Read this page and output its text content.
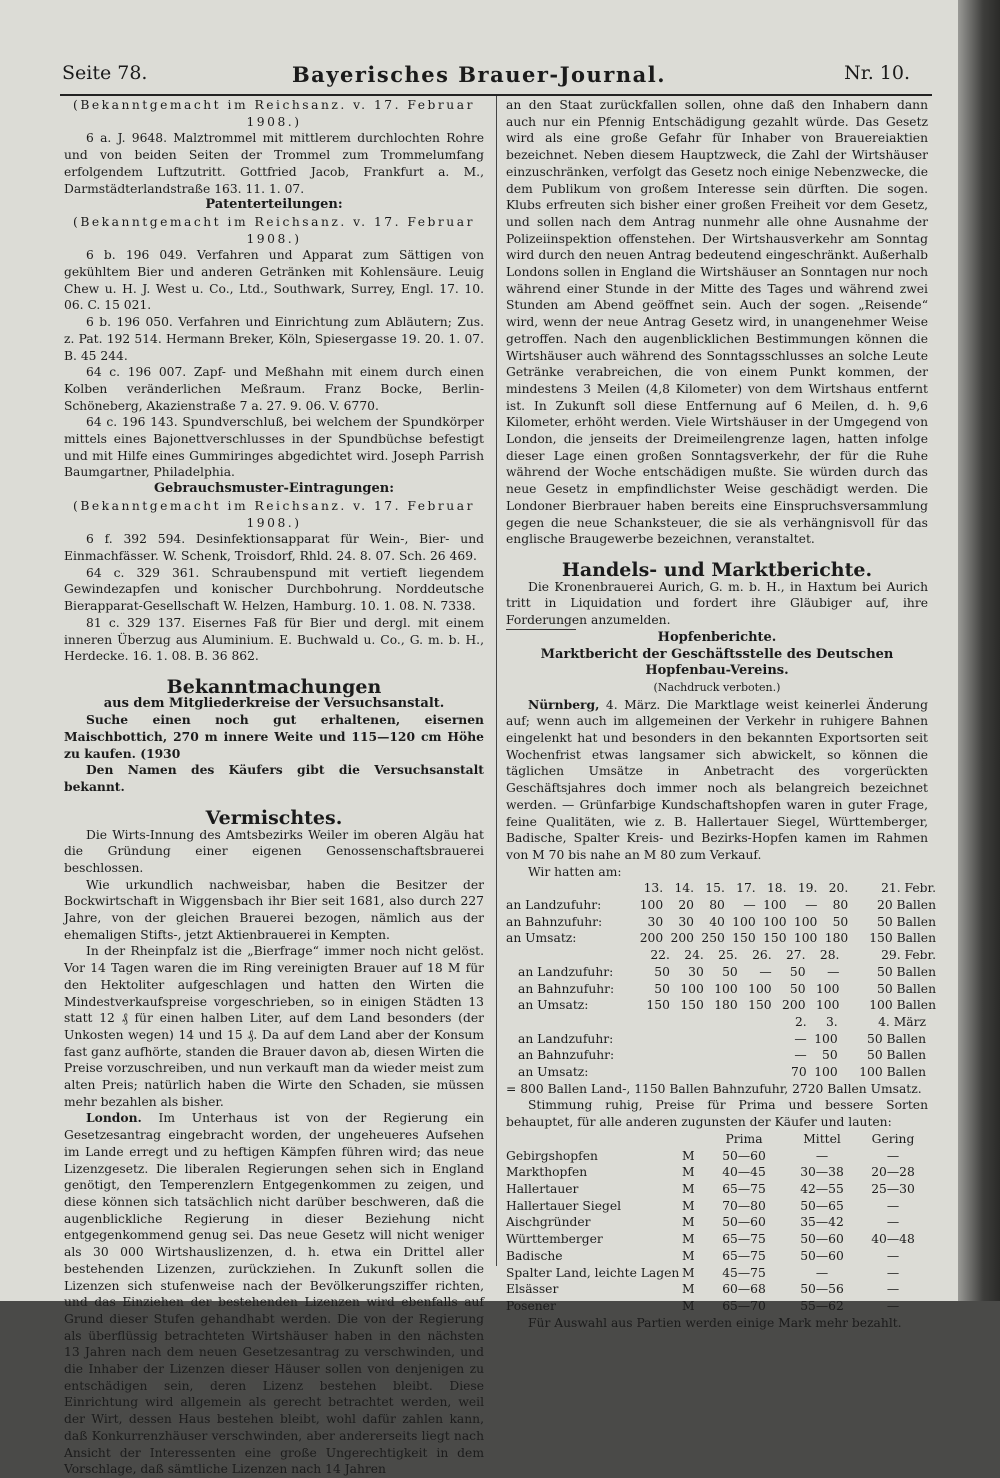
Seite 78.	Bayerisches Brauer-Journal.	Nr. 10.

(Bekanntgemacht im Reichsanz. v. 17. Februar 1908.)

6 a. J. 9648. Malztrommel mit mittlerem durchlochten Rohre und von beiden Seiten der Trommel zum Trommelumfang erfolgendem Luftzutritt. Gottfried Jacob, Frankfurt a. M., Darmstädterlandstraße 163. 11. 1. 07.

Patenterteilungen:

(Bekanntgemacht im Reichsanz. v. 17. Februar 1908.)

6 b. 196 049. Verfahren und Apparat zum Sättigen von gekühltem Bier und anderen Getränken mit Kohlensäure. Leuig Chew u. H. J. West u. Co., Ltd., Southwark, Surrey, Engl. 17. 10. 06. C. 15 021.

6 b. 196 050. Verfahren und Einrichtung zum Abläutern; Zus. z. Pat. 192 514. Hermann Breker, Köln, Spiesergasse 19. 20. 1. 07. B. 45 244.

64 c. 196 007. Zapf- und Meßhahn mit einem durch einen Kolben veränderlichen Meßraum. Franz Bocke, Berlin-Schöneberg, Akazienstraße 7 a. 27. 9. 06. V. 6770.

64 c. 196 143. Spundverschluß, bei welchem der Spundkörper mittels eines Bajonettverschlusses in der Spundbüchse befestigt und mit Hilfe eines Gummiringes abgedichtet wird. Joseph Parrish Baumgartner, Philadelphia.

Gebrauchsmuster-Eintragungen:

(Bekanntgemacht im Reichsanz. v. 17. Februar 1908.)

6 f. 392 594. Desinfektionsapparat für Wein-, Bier- und Einmachfässer. W. Schenk, Troisdorf, Rhld. 24. 8. 07. Sch. 26 469.

64 c. 329 361. Schraubenspund mit vertieft liegendem Gewindezapfen und konischer Durchbohrung. Norddeutsche Bierapparat-Gesellschaft W. Helzen, Hamburg. 10. 1. 08. N. 7338.

81 c. 329 137. Eisernes Faß für Bier und dergl. mit einem inneren Überzug aus Aluminium. E. Buchwald u. Co., G. m. b. H., Herdecke. 16. 1. 08. B. 36 862.

Bekanntmachungen
aus dem Mitgliederkreise der Versuchsanstalt.

Suche einen noch gut erhaltenen, eisernen Maischbottich, 270 m innere Weite und 115—120 cm Höhe zu kaufen. (1930

Den Namen des Käufers gibt die Versuchsanstalt bekannt.

Vermischtes.

Die Wirts-Innung des Amtsbezirks Weiler im oberen Algäu hat die Gründung einer eigenen Genossenschaftsbrauerei beschlossen.

Wie urkundlich nachweisbar, haben die Besitzer der Bockwirtschaft in Wiggensbach ihr Bier seit 1681, also durch 227 Jahre, von der gleichen Brauerei bezogen, nämlich aus der ehemaligen Stifts-, jetzt Aktienbrauerei in Kempten.

In der Rheinpfalz ist die „Bierfrage“ immer noch nicht gelöst. Vor 14 Tagen waren die im Ring vereinigten Brauer auf 18 M für den Hektoliter aufgeschlagen und hatten den Wirten die Mindestverkaufspreise vorgeschrieben, so in einigen Städten 13 statt 12 ₰ für einen halben Liter, auf dem Land besonders (der Unkosten wegen) 14 und 15 ₰. Da auf dem Land aber der Konsum fast ganz aufhörte, standen die Brauer davon ab, diesen Wirten die Preise vorzuschreiben, und nun verkauft man da wieder meist zum alten Preis; natürlich haben die Wirte den Schaden, sie müssen mehr bezahlen als bisher.

London. Im Unterhaus ist von der Regierung ein Gesetzesantrag eingebracht worden, der ungeheueres Aufsehen im Lande erregt und zu heftigen Kämpfen führen wird; das neue Lizenzgesetz. Die liberalen Regierungen sehen sich in England genötigt, den Temperenzlern Entgegenkommen zu zeigen, und diese können sich tatsächlich nicht darüber beschweren, daß die augenblickliche Regierung in dieser Beziehung nicht entgegenkommend genug sei. Das neue Gesetz will nicht weniger als 30 000 Wirtshauslizenzen, d. h. etwa ein Drittel aller bestehenden Lizenzen, zurückziehen. In Zukunft sollen die Lizenzen sich stufenweise nach der Bevölkerungsziffer richten, und das Einziehen der bestehenden Lizenzen wird ebenfalls auf Grund dieser Stufen gehandhabt werden. Die von der Regierung als überflüssig betrachteten Wirtshäuser haben in den nächsten 13 Jahren nach dem neuen Gesetzesantrag zu verschwinden, und die Inhaber der Lizenzen dieser Häuser sollen von denjenigen zu entschädigen sein, deren Lizenz bestehen bleibt. Diese Einrichtung wird allgemein als gerecht betrachtet werden, weil der Wirt, dessen Haus bestehen bleibt, wohl dafür zahlen kann, daß Konkurrenzhäuser verschwinden, aber andererseits liegt nach Ansicht der Interessenten eine große Ungerechtigkeit in dem Vorschlage, daß sämtliche Lizenzen nach 14 Jahren

an den Staat zurückfallen sollen, ohne daß den Inhabern dann auch nur ein Pfennig Entschädigung gezahlt würde. Das Gesetz wird als eine große Gefahr für Inhaber von Brauereiaktien bezeichnet. Neben diesem Hauptzweck, die Zahl der Wirtshäuser einzuschränken, verfolgt das Gesetz noch einige Nebenzwecke, die dem Publikum von großem Interesse sein dürften. Die sogen. Klubs erfreuten sich bisher einer großen Freiheit vor dem Gesetz, und sollen nach dem Antrag nunmehr alle ohne Ausnahme der Polizeiinspektion offenstehen. Der Wirtshausverkehr am Sonntag wird durch den neuen Antrag bedeutend eingeschränkt. Außerhalb Londons sollen in England die Wirtshäuser an Sonntagen nur noch während einer Stunde in der Mitte des Tages und während zwei Stunden am Abend geöffnet sein. Auch der sogen. „Reisende“ wird, wenn der neue Antrag Gesetz wird, in unangenehmer Weise getroffen. Nach den augenblicklichen Bestimmungen können die Wirtshäuser auch während des Sonntagsschlusses an solche Leute Getränke verabreichen, die von einem Punkt kommen, der mindestens 3 Meilen (4,8 Kilometer) von dem Wirtshaus entfernt ist. In Zukunft soll diese Entfernung auf 6 Meilen, d. h. 9,6 Kilometer, erhöht werden. Viele Wirtshäuser in der Umgegend von London, die jenseits der Dreimeilengrenze lagen, hatten infolge dieser Lage einen großen Sonntagsverkehr, der für die Ruhe während der Woche entschädigen mußte. Sie würden durch das neue Gesetz in empfindlichster Weise geschädigt werden. Die Londoner Bierbrauer haben bereits eine Einspruchsversammlung gegen die neue Schanksteuer, die sie als verhängnisvoll für das englische Braugewerbe bezeichnen, veranstaltet.

Handels- und Marktberichte.

Die Kronenbrauerei Aurich, G. m. b. H., in Haxtum bei Aurich tritt in Liquidation und fordert ihre Gläubiger auf, ihre Forderungen anzumelden.

Hopfenberichte.
Marktbericht der Geschäftsstelle des Deutschen Hopfenbau-Vereins.
(Nachdruck verboten.)

Nürnberg, 4. März. Die Marktlage weist keinerlei Änderung auf; wenn auch im allgemeinen der Verkehr in ruhigere Bahnen eingelenkt hat und besonders in den bekannten Exportsorten seit Wochenfrist etwas langsamer sich abwickelt, so können die täglichen Umsätze in Anbetracht des vorgerückten Geschäftsjahres doch immer noch als belangreich bezeichnet werden. — Grünfarbige Kundschaftshopfen waren in guter Frage, feine Qualitäten, wie z. B. Hallertauer Siegel, Württemberger, Badische, Spalter Kreis- und Bezirks-Hopfen kamen im Rahmen von M 70 bis nahe an M 80 zum Verkauf.

Wir hatten am:

	13.	14.	15.	17.	18.	19.	20.	21. Febr.
an Landzufuhr:	100	20	80	—	100	—	80	20 Ballen
an Bahnzufuhr:	30	30	40	100	100	100	50	50 Ballen
an Umsatz:	200	200	250	150	150	100	180	150 Ballen
	22.	24.	25.	26.	27.	28.	29. Febr.
an Landzufuhr:	50	30	50	—	50	—	50 Ballen
an Bahnzufuhr:	50	100	100	100	50	100	50 Ballen
an Umsatz:	150	150	180	150	200	100	100 Ballen
		2.	3.	4. März
an Landzufuhr:		—	100	50 Ballen
an Bahnzufuhr:		—	50	50 Ballen
an Umsatz:		70	100	100 Ballen

= 800 Ballen Land-, 1150 Ballen Bahnzufuhr, 2720 Ballen Umsatz.

Stimmung ruhig, Preise für Prima und bessere Sorten behauptet, für alle anderen zugunsten der Käufer und lauten:

		Prima	Mittel	Gering
Gebirgshopfen	M	50—60	—	—
Markthopfen	M	40—45	30—38	20—28
Hallertauer	M	65—75	42—55	25—30
Hallertauer Siegel	M	70—80	50—65	—
Aischgründer	M	50—60	35—42	—
Württemberger	M	65—75	50—60	40—48
Badische	M	65—75	50—60	—
Spalter Land, leichte Lagen	M	45—75	—	—
Elsässer	M	60—68	50—56	—
Posener	M	65—70	55—62	—

Für Auswahl aus Partien werden einige Mark mehr bezahlt.
